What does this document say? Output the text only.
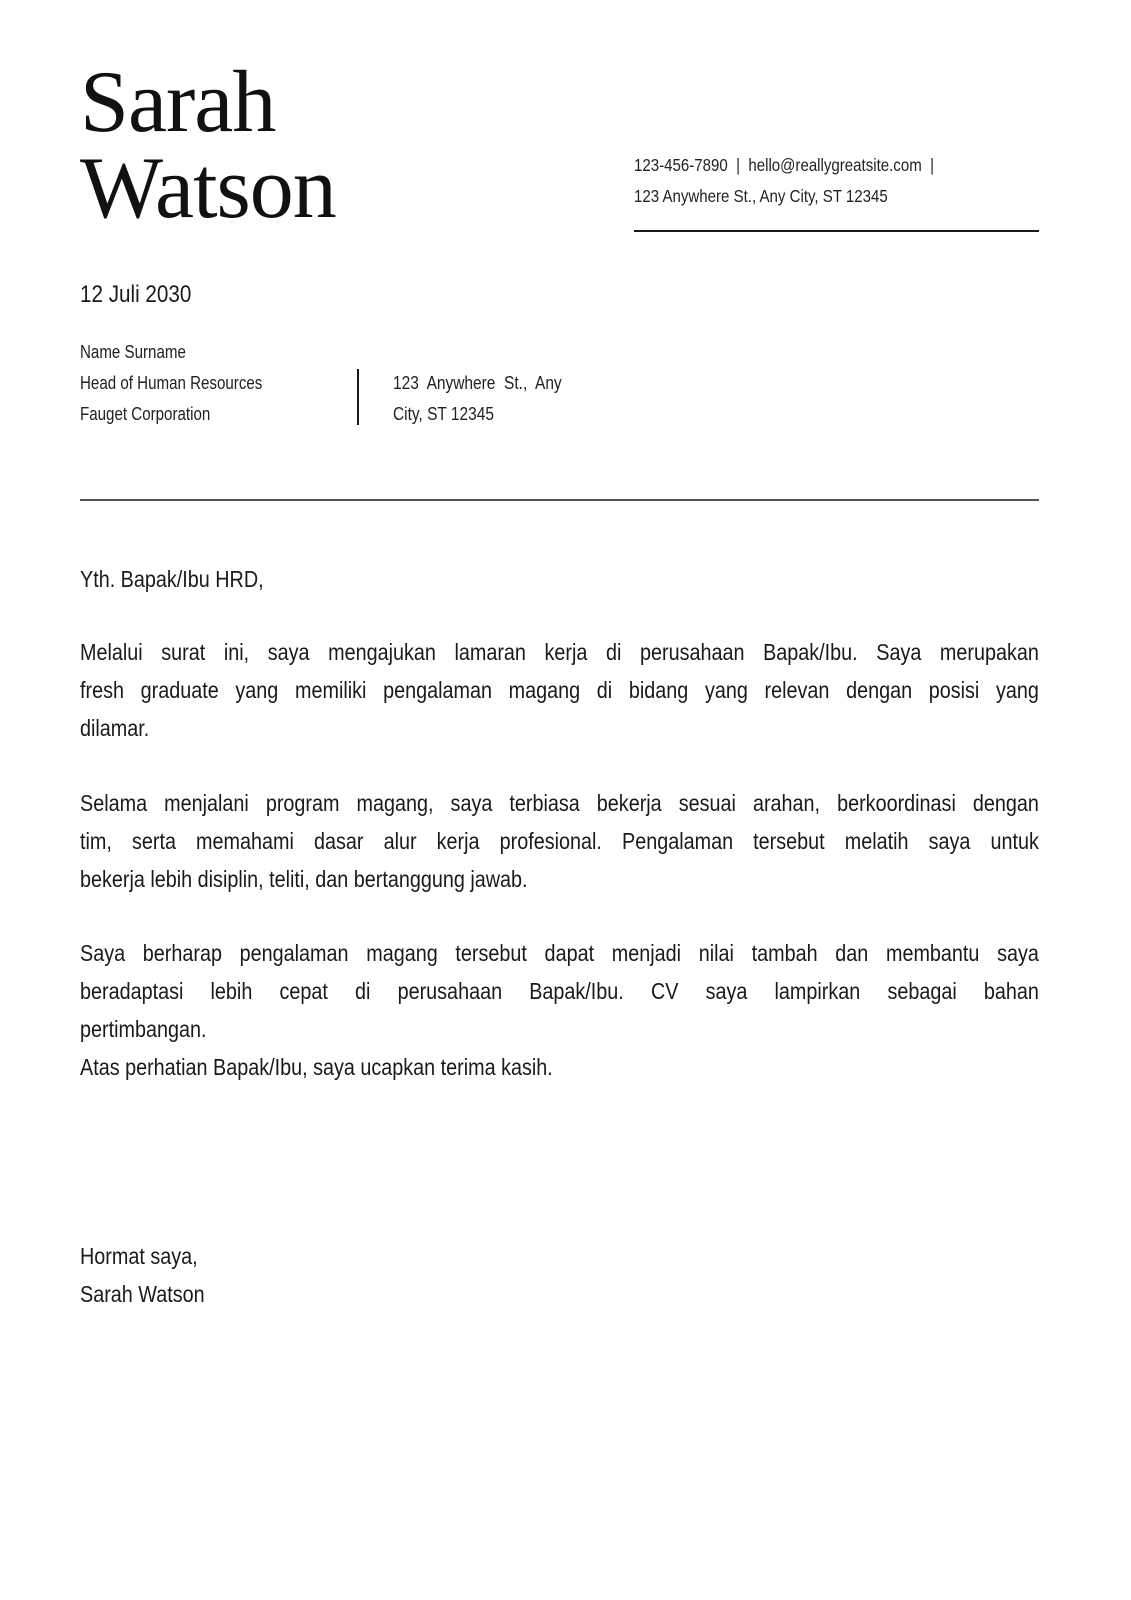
Sarah
Watson	123-456-7890  |  hello@reallygreatsite.com  |
123 Anywhere St., Any City, ST 12345
12 Juli 2030
Name Surname
Head of Human Resources
Fauget Corporation
123  Anywhere  St.,  Any
City, ST 12345
Yth. Bapak/Ibu HRD,
Melalui surat ini, saya mengajukan lamaran kerja di perusahaan Bapak/Ibu. Saya merupakan
fresh graduate yang memiliki pengalaman magang di bidang yang relevan dengan posisi yang
dilamar.
Selama menjalani program magang, saya terbiasa bekerja sesuai arahan, berkoordinasi dengan
tim, serta memahami dasar alur kerja profesional. Pengalaman tersebut melatih saya untuk
bekerja lebih disiplin, teliti, dan bertanggung jawab.
Saya berharap pengalaman magang tersebut dapat menjadi nilai tambah dan membantu saya
beradaptasi lebih cepat di perusahaan Bapak/Ibu. CV saya lampirkan sebagai bahan
pertimbangan.
Atas perhatian Bapak/Ibu, saya ucapkan terima kasih.
Hormat saya,
Sarah Watson
